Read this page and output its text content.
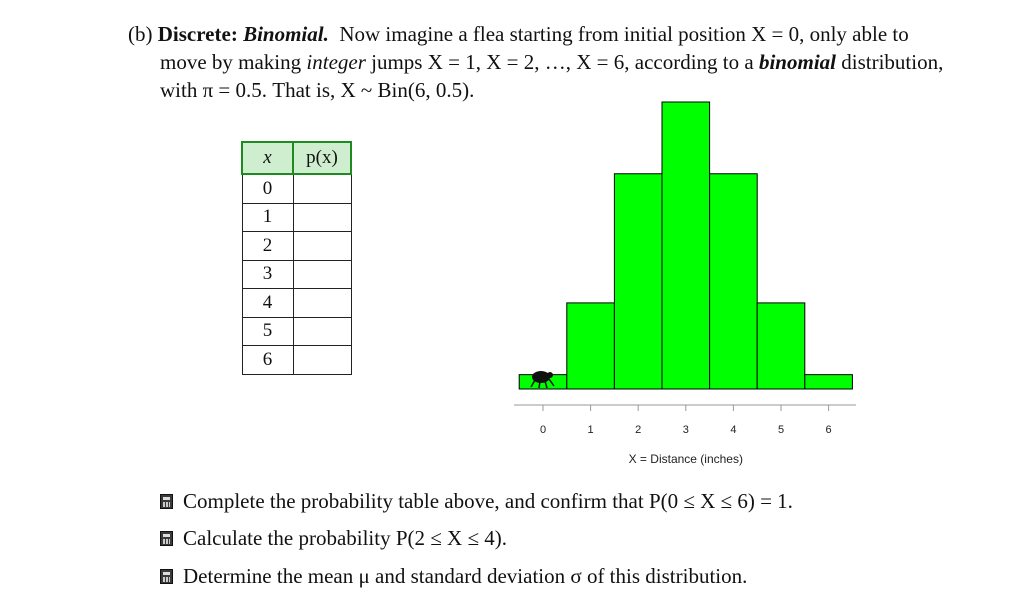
(b) Discrete: Binomial. Now imagine a flea starting from initial position X = 0, only able to
move by making integer jumps X = 1, X = 2, …, X = 6, according to a binomial distribution,
with π = 0.5. That is, X ~ Bin(6, 0.5).
x	p(x)
0	
1	
2	
3	
4	
5	
6	
0	1	2	3	4	5	6
X = Distance (inches)
Complete the probability table above, and confirm that P(0 ≤ X ≤ 6) = 1.
Calculate the probability P(2 ≤ X ≤ 4).
Determine the mean μ and standard deviation σ of this distribution.
